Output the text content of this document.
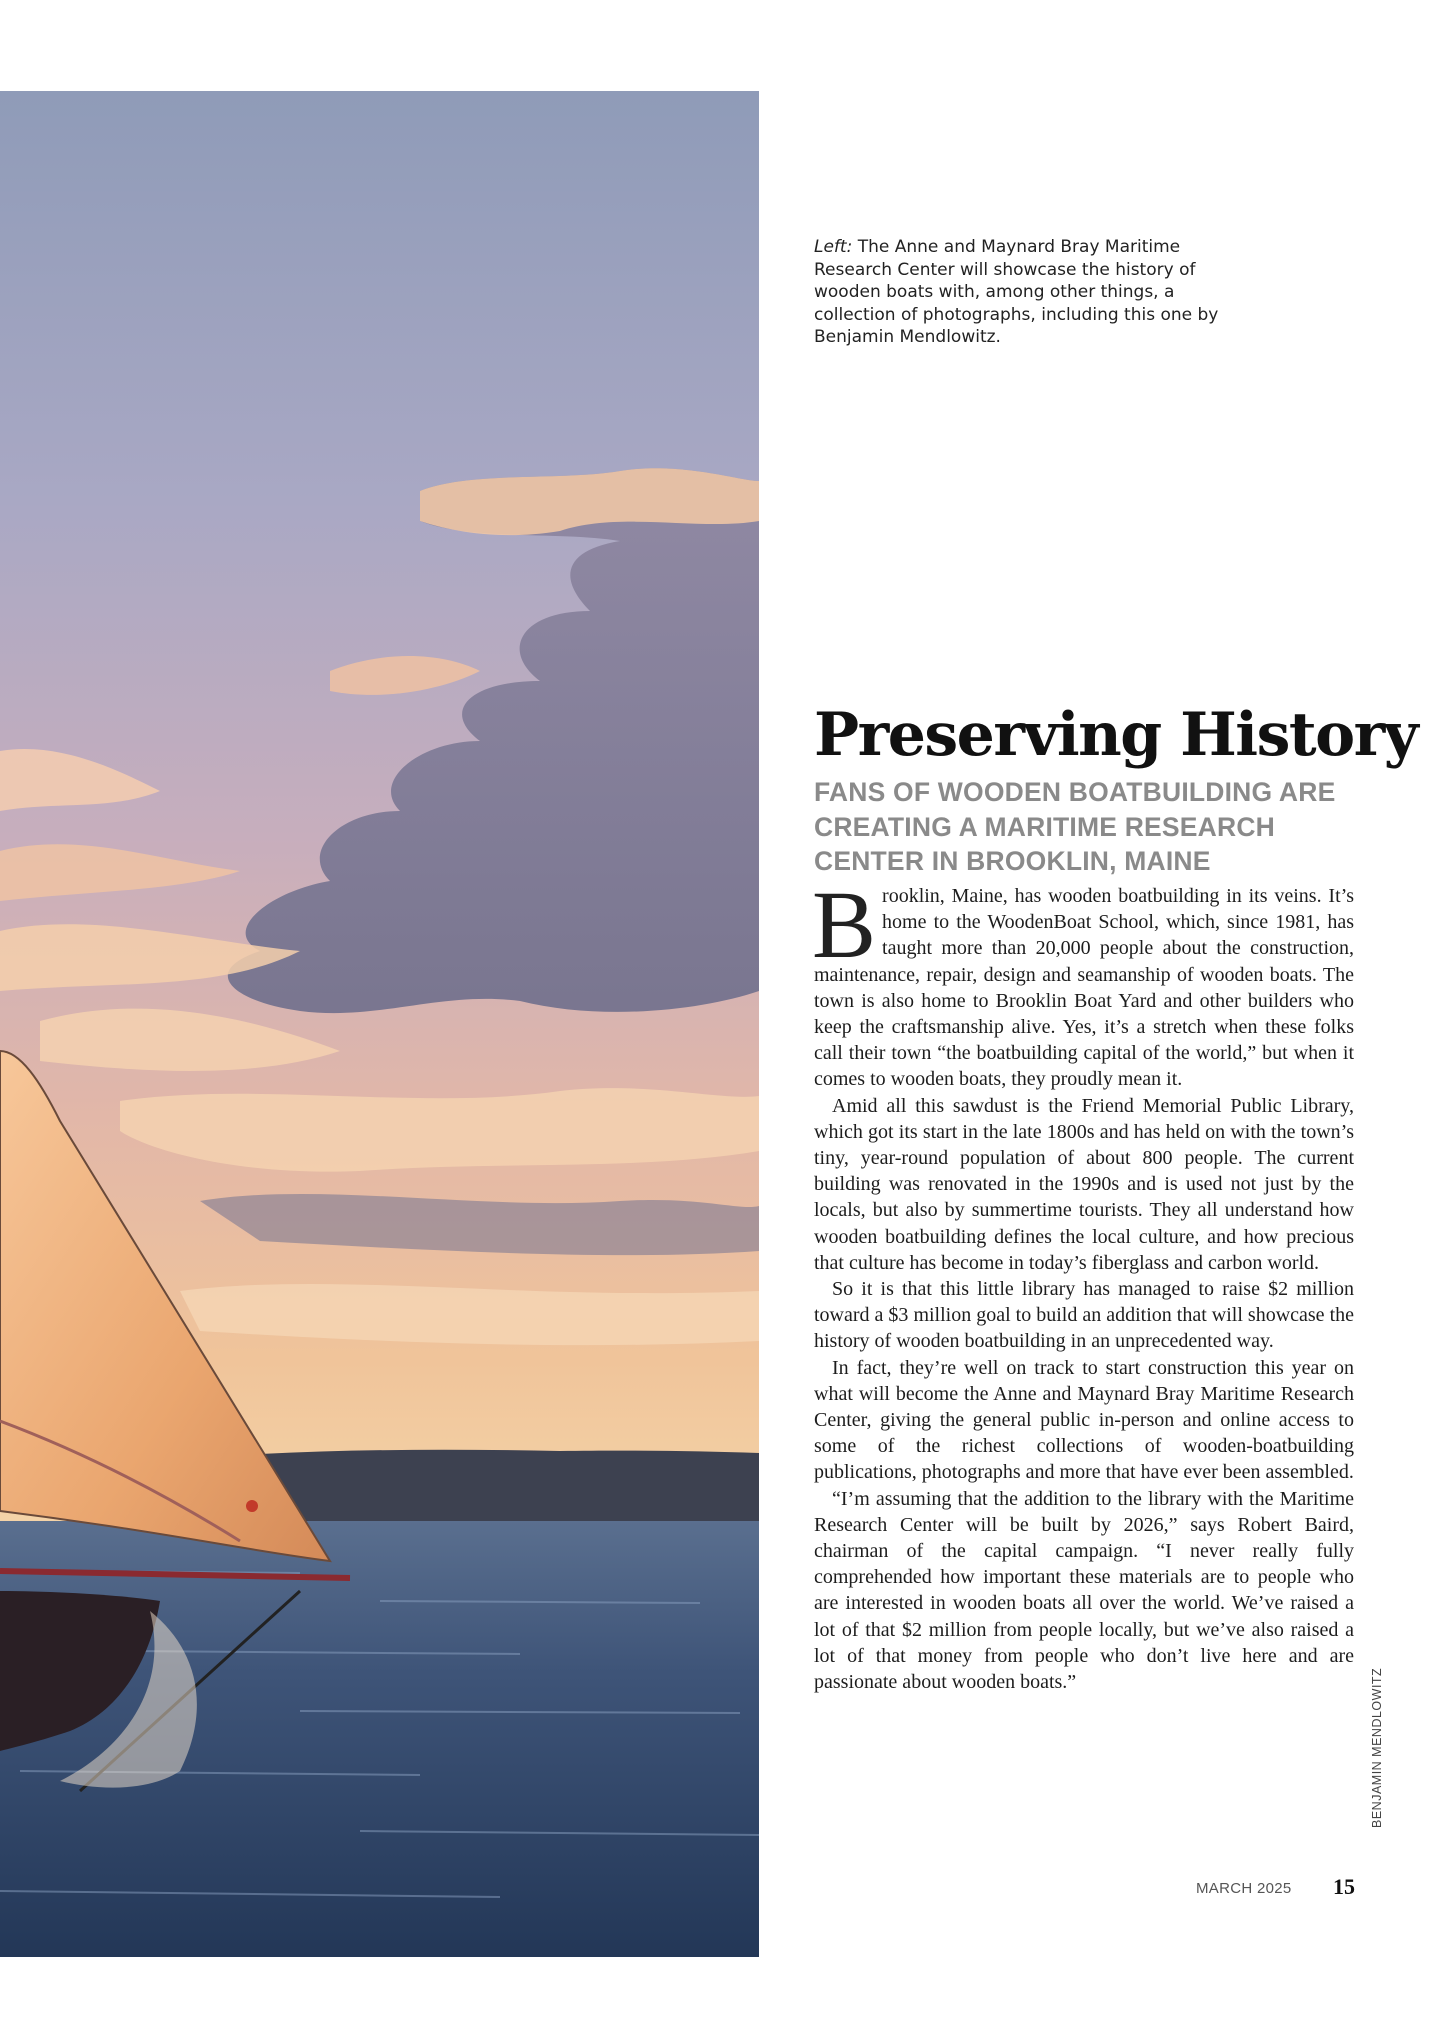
Left: The Anne and Maynard Bray Maritime Research Center will showcase the history of wooden boats with, among other things, a collection of photographs, including this one by Benjamin Mendlowitz.
Preserving History
FANS OF WOODEN BOATBUILDING ARE CREATING A MARITIME RESEARCH CENTER IN BROOKLIN, MAINE

Brooklin, Maine, has wooden boatbuilding in its veins. It’s home to the WoodenBoat School, which, since 1981, has taught more than 20,000 people about the construction, maintenance, repair, design and seamanship of wooden boats. The town is also home to Brooklin Boat Yard and other builders who keep the craftsmanship alive. Yes, it’s a stretch when these folks call their town “the boatbuilding capital of the world,” but when it comes to wooden boats, they proudly mean it.

Amid all this sawdust is the Friend Memorial Public Library, which got its start in the late 1800s and has held on with the town’s tiny, year-round population of about 800 people. The current building was renovated in the 1990s and is used not just by the locals, but also by summertime tourists. They all understand how wooden boatbuilding defines the local culture, and how precious that culture has become in today’s fiberglass and carbon world.

So it is that this little library has managed to raise $2 million toward a $3 million goal to build an addition that will showcase the history of wooden boatbuilding in an unprecedented way.

In fact, they’re well on track to start construction this year on what will become the Anne and Maynard Bray Maritime Research Center, giving the general public in-person and online access to some of the richest collections of wooden-boatbuilding publications, photographs and more that have ever been assembled.

“I’m assuming that the addition to the library with the Maritime Research Center will be built by 2026,” says Robert Baird, chairman of the capital campaign. “I never really fully comprehended how important these materials are to people who are interested in wooden boats all over the world. We’ve raised a lot of that $2 million from people locally, but we’ve also raised a lot of that money from people who don’t live here and are passionate about wooden boats.”	BENJAMIN MENDLOWITZ
MARCH 2025 15
